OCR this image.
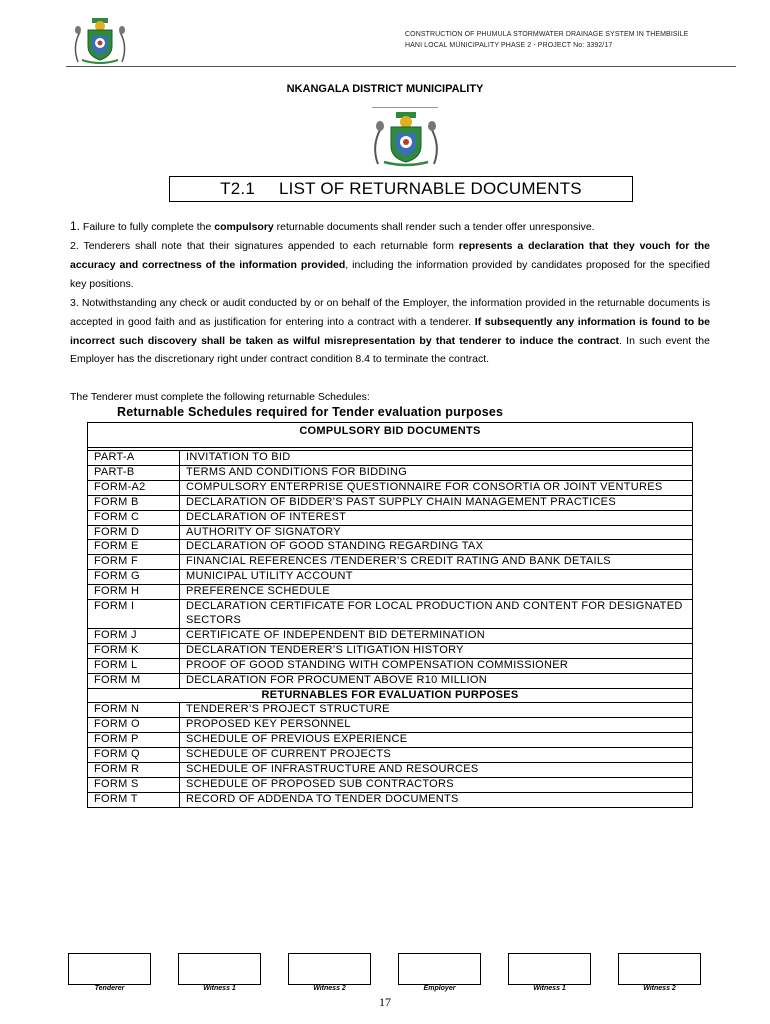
CONSTRUCTION OF PHUMULA STORMWATER DRAINAGE SYSTEM IN THEMBISILE
HANI LOCAL MUNICIPALITY PHASE 2 - PROJECT No: 3392/17
NKANGALA DISTRICT MUNICIPALITY
T2.1 LIST OF RETURNABLE DOCUMENTS
1. Failure to fully complete the compulsory returnable documents shall render such a tender offer unresponsive.
2. Tenderers shall note that their signatures appended to each returnable form represents a declaration that they vouch for the accuracy and correctness of the information provided, including the information provided by candidates proposed for the specified key positions.
3. Notwithstanding any check or audit conducted by or on behalf of the Employer, the information provided in the returnable documents is accepted in good faith and as justification for entering into a contract with a tenderer. If subsequently any information is found to be incorrect such discovery shall be taken as wilful misrepresentation by that tenderer to induce the contract. In such event the Employer has the discretionary right under contract condition 8.4 to terminate the contract.
The Tenderer must complete the following returnable Schedules:
Returnable Schedules required for Tender evaluation purposes
COMPULSORY BID DOCUMENTS	

PART-A	INVITATION TO BID
PART-B	TERMS AND CONDITIONS FOR BIDDING
FORM-A2	COMPULSORY ENTERPRISE QUESTIONNAIRE FOR CONSORTIA OR JOINT VENTURES
FORM B	DECLARATION OF BIDDER’S PAST SUPPLY CHAIN MANAGEMENT PRACTICES
FORM C	DECLARATION OF INTEREST
FORM D	AUTHORITY OF SIGNATORY
FORM E	DECLARATION OF GOOD STANDING REGARDING TAX
FORM F	FINANCIAL REFERENCES /TENDERER’S CREDIT RATING AND BANK DETAILS
FORM G	MUNICIPAL UTILITY ACCOUNT
FORM H	PREFERENCE SCHEDULE
FORM I	DECLARATION CERTIFICATE FOR LOCAL PRODUCTION AND CONTENT FOR DESIGNATED SECTORS
FORM J	CERTIFICATE OF INDEPENDENT BID DETERMINATION
FORM K	DECLARATION TENDERER’S LITIGATION HISTORY
FORM L	PROOF OF GOOD STANDING WITH COMPENSATION COMMISSIONER
FORM M	DECLARATION FOR PROCUMENT ABOVE R10 MILLION
RETURNABLES FOR EVALUATION PURPOSES	
FORM N	TENDERER’S PROJECT STRUCTURE
FORM O	PROPOSED KEY PERSONNEL
FORM P	SCHEDULE OF PREVIOUS EXPERIENCE
FORM Q	SCHEDULE OF CURRENT PROJECTS
FORM R	SCHEDULE OF INFRASTRUCTURE AND RESOURCES
FORM S	SCHEDULE OF PROPOSED SUB CONTRACTORS
FORM T	RECORD OF ADDENDA TO TENDER DOCUMENTS
Tenderer	Witness 1	Witness 2	Employer	Witness 1	Witness 2
17
